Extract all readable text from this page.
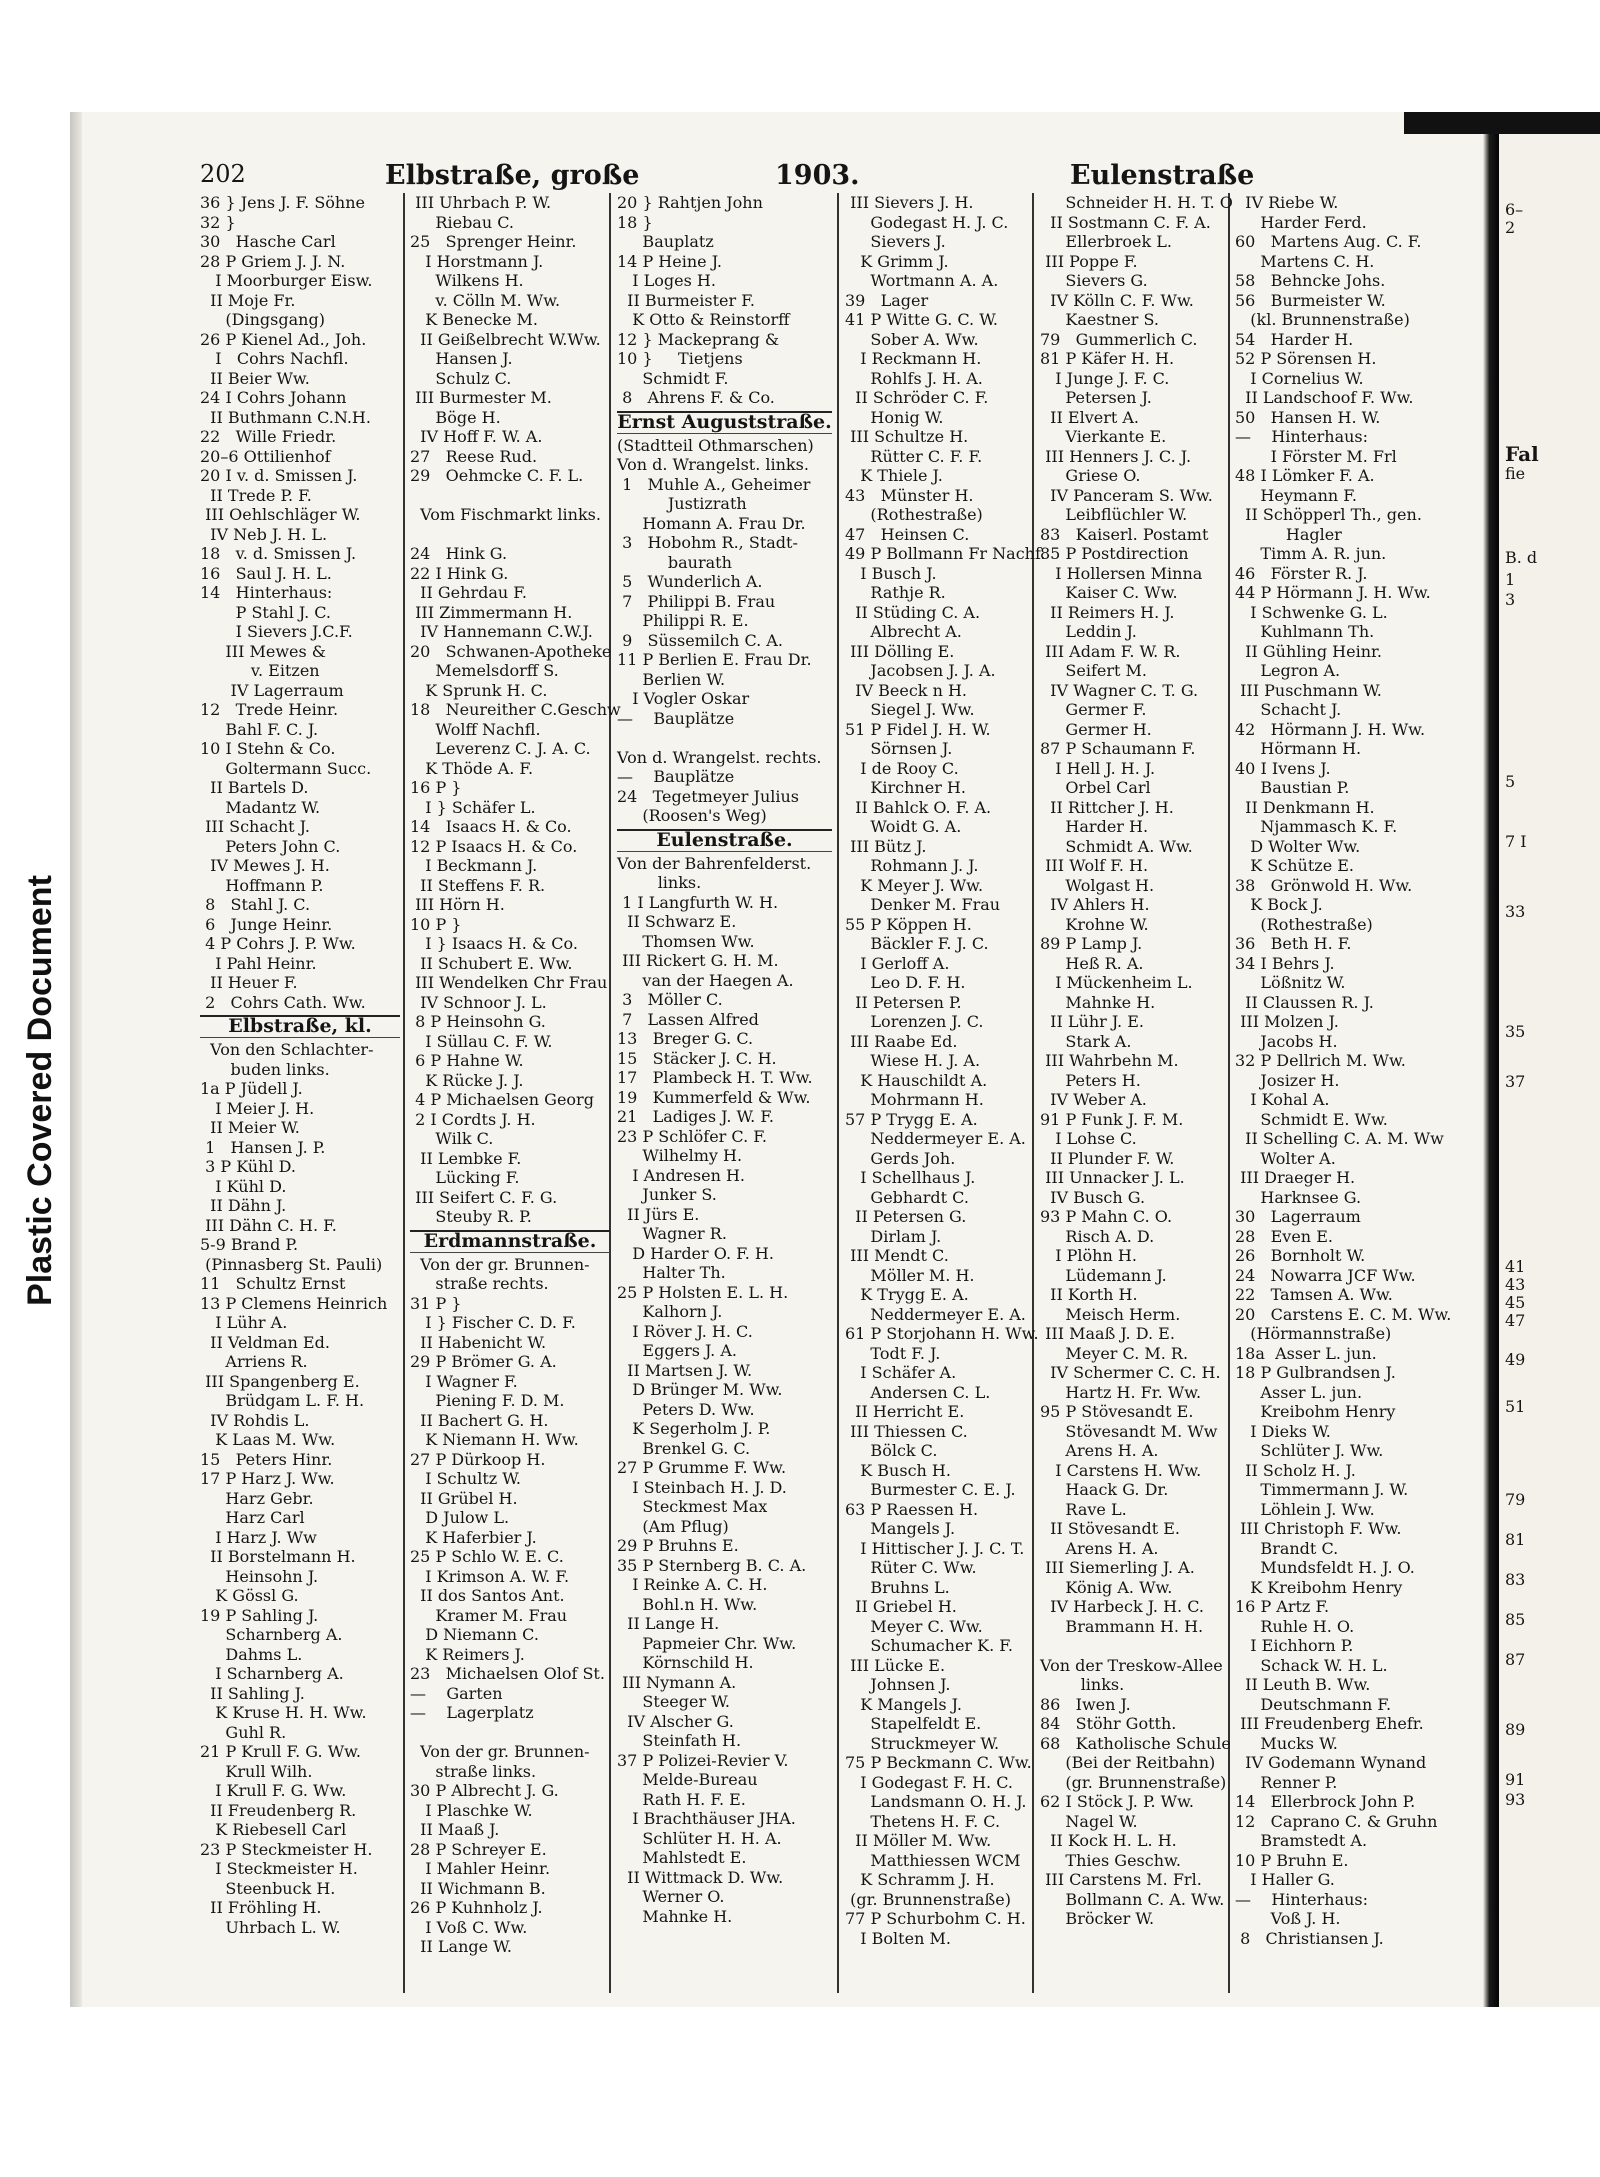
Plastic Covered Document
6–
2
Fal
fie
B. d
1
3
5
7 I
33
35
37
41
43
45
47
49
51
79
81
83
85
87
89
91
93
202	Elbstraße, große	1903.	Eulenstraße
36 } Jens J. F. Söhne
32 }
30   Hasche Carl
28 P Griem J. J. N.
I Moorburger Eisw.
II Moje Fr.
(Dingsgang)
26 P Kienel Ad., Joh.
I   Cohrs Nachfl.
II Beier Ww.
24 I Cohrs Johann
II Buthmann C.N.H.
22   Wille Friedr.
20–6 Ottilienhof
20 I v. d. Smissen J.
II Trede P. F.
III Oehlschläger W.
IV Neb J. H. L.
18   v. d. Smissen J.
16   Saul J. H. L.
14   Hinterhaus:
P Stahl J. C.
I Sievers J.C.F.
III Mewes &
v. Eitzen
IV Lagerraum
12   Trede Heinr.
Bahl F. C. J.
10 I Stehn & Co.
Goltermann Succ.
II Bartels D.
Madantz W.
III Schacht J.
Peters John C.
IV Mewes J. H.
Hoffmann P.
8   Stahl J. C.
6   Junge Heinr.
4 P Cohrs J. P. Ww.
I Pahl Heinr.
II Heuer F.
2   Cohrs Cath. Ww.
Elbstraße, kl.
Von den Schlachter-
buden links.
1a P Jüdell J.
I Meier J. H.
II Meier W.
1   Hansen J. P.
3 P Kühl D.
I Kühl D.
II Dähn J.
III Dähn C. H. F.
5-9 Brand P.
(Pinnasberg St. Pauli)
11   Schultz Ernst
13 P Clemens Heinrich
I Lühr A.
II Veldman Ed.
Arriens R.
III Spangenberg E.
Brüdgam L. F. H.
IV Rohdis L.
K Laas M. Ww.
15   Peters Hinr.
17 P Harz J. Ww.
Harz Gebr.
Harz Carl
I Harz J. Ww
II Borstelmann H.
Heinsohn J.
K Gössl G.
19 P Sahling J.
Scharnberg A.
Dahms L.
I Scharnberg A.
II Sahling J.
K Kruse H. H. Ww.
Guhl R.
21 P Krull F. G. Ww.
Krull Wilh.
I Krull F. G. Ww.
II Freudenberg R.
K Riebesell Carl
23 P Steckmeister H.
I Steckmeister H.
Steenbuck H.
II Fröhling H.
Uhrbach L. W.
III Uhrbach P. W.
Riebau C.
25   Sprenger Heinr.
I Horstmann J.
Wilkens H.
v. Cölln M. Ww.
K Benecke M.
II Geißelbrecht W.Ww.
Hansen J.
Schulz C.
III Burmester M.
Böge H.
IV Hoff F. W. A.
27   Reese Rud.
29   Oehmcke C. F. L.
Vom Fischmarkt links.
24   Hink G.
22 I Hink G.
II Gehrdau F.
III Zimmermann H.
IV Hannemann C.W.J.
20   Schwanen-Apotheke
Memelsdorff S.
K Sprunk H. C.
18   Neureither C.Geschw
Wolff Nachfl.
Leverenz C. J. A. C.
K Thöde A. F.
16 P }
I } Schäfer L.
14   Isaacs H. & Co.
12 P Isaacs H. & Co.
I Beckmann J.
II Steffens F. R.
III Hörn H.
10 P }
I } Isaacs H. & Co.
II Schubert E. Ww.
III Wendelken Chr Frau
IV Schnoor J. L.
8 P Heinsohn G.
I Süllau C. F. W.
6 P Hahne W.
K Rücke J. J.
4 P Michaelsen Georg
2 I Cordts J. H.
Wilk C.
II Lembke F.
Lücking F.
III Seifert C. F. G.
Steuby R. P.
Erdmannstraße.
Von der gr. Brunnen-
straße rechts.
31 P }
I } Fischer C. D. F.
II Habenicht W.
29 P Brömer G. A.
I Wagner F.
Piening F. D. M.
II Bachert G. H.
K Niemann H. Ww.
27 P Dürkoop H.
I Schultz W.
II Grübel H.
D Julow L.
K Haferbier J.
25 P Schlo W. E. C.
I Krimson A. W. F.
II dos Santos Ant.
Kramer M. Frau
D Niemann C.
K Reimers J.
23   Michaelsen Olof St.
—    Garten
—    Lagerplatz
Von der gr. Brunnen-
straße links.
30 P Albrecht J. G.
I Plaschke W.
II Maaß J.
28 P Schreyer E.
I Mahler Heinr.
II Wichmann B.
26 P Kuhnholz J.
I Voß C. Ww.
II Lange W.
20 } Rahtjen John
18 }
Bauplatz
14 P Heine J.
I Loges H.
II Burmeister F.
K Otto & Reinstorff
12 } Mackeprang &
10 }     Tietjens
Schmidt F.
8   Ahrens F. & Co.
Ernst Auguststraße.
(Stadtteil Othmarschen)
Von d. Wrangelst. links.
1   Muhle A., Geheimer
Justizrath
Homann A. Frau Dr.
3   Hobohm R., Stadt-
baurath
5   Wunderlich A.
7   Philippi B. Frau
Philippi R. E.
9   Süssemilch C. A.
11 P Berlien E. Frau Dr.
Berlien W.
I Vogler Oskar
—    Bauplätze
Von d. Wrangelst. rechts.
—    Bauplätze
24   Tegetmeyer Julius
(Roosen's Weg)
Eulenstraße.
Von der Bahrenfelderst.
links.
1 I Langfurth W. H.
II Schwarz E.
Thomsen Ww.
III Rickert G. H. M.
van der Haegen A.
3   Möller C.
7   Lassen Alfred
13   Breger G. C.
15   Stäcker J. C. H.
17   Plambeck H. T. Ww.
19   Kummerfeld & Ww.
21   Ladiges J. W. F.
23 P Schlöfer C. F.
Wilhelmy H.
I Andresen H.
Junker S.
II Jürs E.
Wagner R.
D Harder O. F. H.
Halter Th.
25 P Holsten E. L. H.
Kalhorn J.
I Röver J. H. C.
Eggers J. A.
II Martsen J. W.
D Brünger M. Ww.
Peters D. Ww.
K Segerholm J. P.
Brenkel G. C.
27 P Grumme F. Ww.
I Steinbach H. J. D.
Steckmest Max
(Am Pflug)
29 P Bruhns E.
35 P Sternberg B. C. A.
I Reinke A. C. H.
Bohl.n H. Ww.
II Lange H.
Papmeier Chr. Ww.
Körnschild H.
III Nymann A.
Steeger W.
IV Alscher G.
Steinfath H.
37 P Polizei-Revier V.
Melde-Bureau
Rath H. F. E.
I Brachthäuser JHA.
Schlüter H. H. A.
Mahlstedt E.
II Wittmack D. Ww.
Werner O.
Mahnke H.
III Sievers J. H.
Godegast H. J. C.
Sievers J.
K Grimm J.
Wortmann A. A.
39   Lager
41 P Witte G. C. W.
Sober A. Ww.
I Reckmann H.
Rohlfs J. H. A.
II Schröder C. F.
Honig W.
III Schultze H.
Rütter C. F. F.
K Thiele J.
43   Münster H.
(Rothestraße)
47   Heinsen C.
49 P Bollmann Fr Nachf.
I Busch J.
Rathje R.
II Stüding C. A.
Albrecht A.
III Dölling E.
Jacobsen J. J. A.
IV Beeck n H.
Siegel J. Ww.
51 P Fidel J. H. W.
Sörnsen J.
I de Rooy C.
Kirchner H.
II Bahlck O. F. A.
Woidt G. A.
III Bütz J.
Rohmann J. J.
K Meyer J. Ww.
Denker M. Frau
55 P Köppen H.
Bäckler F. J. C.
I Gerloff A.
Leo D. F. H.
II Petersen P.
Lorenzen J. C.
III Raabe Ed.
Wiese H. J. A.
K Hauschildt A.
Mohrmann H.
57 P Trygg E. A.
Neddermeyer E. A.
Gerds Joh.
I Schellhaus J.
Gebhardt C.
II Petersen G.
Dirlam J.
III Mendt C.
Möller M. H.
K Trygg E. A.
Neddermeyer E. A.
61 P Storjohann H. Ww.
Todt F. J.
I Schäfer A.
Andersen C. L.
II Herricht E.
III Thiessen C.
Bölck C.
K Busch H.
Burmester C. E. J.
63 P Raessen H.
Mangels J.
I Hittischer J. J. C. T.
Rüter C. Ww.
Bruhns L.
II Griebel H.
Meyer C. Ww.
Schumacher K. F.
III Lücke E.
Johnsen J.
K Mangels J.
Stapelfeldt E.
Struckmeyer W.
75 P Beckmann C. Ww.
I Godegast F. H. C.
Landsmann O. H. J.
Thetens H. F. C.
II Möller M. Ww.
Matthiessen WCM
K Schramm J. H.
(gr. Brunnenstraße)
77 P Schurbohm C. H.
I Bolten M.
Schneider H. H. T. O
II Sostmann C. F. A.
Ellerbroek L.
III Poppe F.
Sievers G.
IV Kölln C. F. Ww.
Kaestner S.
79   Gummerlich C.
81 P Käfer H. H.
I Junge J. F. C.
Petersen J.
II Elvert A.
Vierkante E.
III Henners J. C. J.
Griese O.
IV Panceram S. Ww.
Leibflüchler W.
83   Kaiserl. Postamt
85 P Postdirection
I Hollersen Minna
Kaiser C. Ww.
II Reimers H. J.
Leddin J.
III Adam F. W. R.
Seifert M.
IV Wagner C. T. G.
Germer F.
Germer H.
87 P Schaumann F.
I Hell J. H. J.
Orbel Carl
II Rittcher J. H.
Harder H.
Schmidt A. Ww.
III Wolf F. H.
Wolgast H.
IV Ahlers H.
Krohne W.
89 P Lamp J.
Heß R. A.
I Mückenheim L.
Mahnke H.
II Lühr J. E.
Stark A.
III Wahrbehn M.
Peters H.
IV Weber A.
91 P Funk J. F. M.
I Lohse C.
II Plunder F. W.
III Unnacker J. L.
IV Busch G.
93 P Mahn C. O.
Risch A. D.
I Plöhn H.
Lüdemann J.
II Korth H.
Meisch Herm.
III Maaß J. D. E.
Meyer C. M. R.
IV Schermer C. C. H.
Hartz H. Fr. Ww.
95 P Stövesandt E.
Stövesandt M. Ww
Arens H. A.
I Carstens H. Ww.
Haack G. Dr.
Rave L.
II Stövesandt E.
Arens H. A.
III Siemerling J. A.
König A. Ww.
IV Harbeck J. H. C.
Brammann H. H.
Von der Treskow-Allee
links.
86   Iwen J.
84   Stöhr Gotth.
68   Katholische Schule
(Bei der Reitbahn)
(gr. Brunnenstraße)
62 I Stöck J. P. Ww.
Nagel W.
II Kock H. L. H.
Thies Geschw.
III Carstens M. Frl.
Bollmann C. A. Ww.
Bröcker W.
IV Riebe W.
Harder Ferd.
60   Martens Aug. C. F.
Martens C. H.
58   Behncke Johs.
56   Burmeister W.
(kl. Brunnenstraße)
54   Harder H.
52 P Sörensen H.
I Cornelius W.
II Landschoof F. Ww.
50   Hansen H. W.
—    Hinterhaus:
I Förster M. Frl
48 I Lömker F. A.
Heymann F.
II Schöpperl Th., gen.
Hagler
Timm A. R. jun.
46   Förster R. J.
44 P Hörmann J. H. Ww.
I Schwenke G. L.
Kuhlmann Th.
II Gühling Heinr.
Legron A.
III Puschmann W.
Schacht J.
42   Hörmann J. H. Ww.
Hörmann H.
40 I Ivens J.
Baustian P.
II Denkmann H.
Njammasch K. F.
D Wolter Ww.
K Schütze E.
38   Grönwold H. Ww.
K Bock J.
(Rothestraße)
36   Beth H. F.
34 I Behrs J.
Lößnitz W.
II Claussen R. J.
III Molzen J.
Jacobs H.
32 P Dellrich M. Ww.
Josizer H.
I Kohal A.
Schmidt E. Ww.
II Schelling C. A. M. Ww
Wolter A.
III Draeger H.
Harknsee G.
30   Lagerraum
28   Even E.
26   Bornholt W.
24   Nowarra JCF Ww.
22   Tamsen A. Ww.
20   Carstens E. C. M. Ww.
(Hörmannstraße)
18a  Asser L. jun.
18 P Gulbrandsen J.
Asser L. jun.
Kreibohm Henry
I Dieks W.
Schlüter J. Ww.
II Scholz H. J.
Timmermann J. W.
Löhlein J. Ww.
III Christoph F. Ww.
Brandt C.
Mundsfeldt H. J. O.
K Kreibohm Henry
16 P Artz F.
Ruhle H. O.
I Eichhorn P.
Schack W. H. L.
II Leuth B. Ww.
Deutschmann F.
III Freudenberg Ehefr.
Mucks W.
IV Godemann Wynand
Renner P.
14   Ellerbrock John P.
12   Caprano C. & Gruhn
Bramstedt A.
10 P Bruhn E.
I Haller G.
—    Hinterhaus:
Voß J. H.
8   Christiansen J.
